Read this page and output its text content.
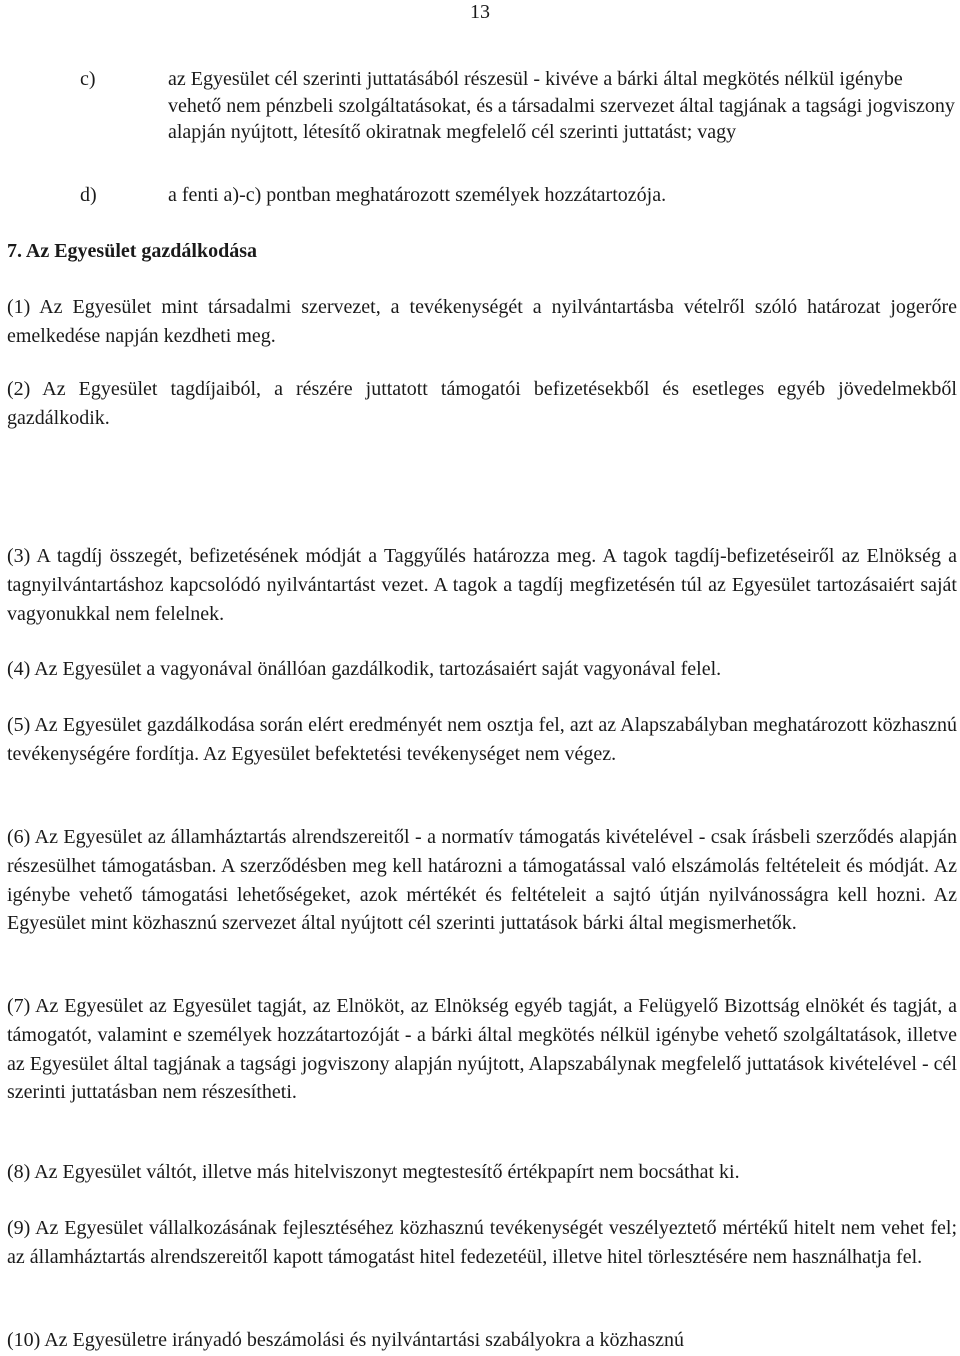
13
c)	az Egyesület cél szerinti juttatásából részesül - kivéve a bárki által megkötés nélkül igénybe vehető nem pénzbeli szolgáltatásokat, és a társadalmi szervezet által tagjának a tagsági jogviszony alapján nyújtott, létesítő okiratnak megfelelő cél szerinti juttatást; vagy
d)	a fenti a)-c) pontban meghatározott személyek hozzátartozója.
7. Az Egyesület gazdálkodása

(1) Az Egyesület mint társadalmi szervezet, a tevékenységét a nyilvántartásba vételről szóló határozat jogerőre emelkedése napján kezdheti meg.

(2) Az Egyesület tagdíjaiból, a részére juttatott támogatói befizetésekből és esetleges egyéb jövedelmekből gazdálkodik.

(3) A tagdíj összegét, befizetésének módját a Taggyűlés határozza meg. A tagok tagdíj-befizetéseiről az Elnökség a tagnyilvántartáshoz kapcsolódó nyilvántartást vezet. A tagok a tagdíj megfizetésén túl az Egyesület tartozásaiért saját vagyonukkal nem felelnek.

(4) Az Egyesület a vagyonával önállóan gazdálkodik, tartozásaiért saját vagyonával felel.

(5) Az Egyesület gazdálkodása során elért eredményét nem osztja fel, azt az Alapszabályban meghatározott közhasznú tevékenységére fordítja. Az Egyesület befektetési tevékenységet nem végez.

(6) Az Egyesület az államháztartás alrendszereitől - a normatív támogatás kivételével - csak írásbeli szerződés alapján részesülhet támogatásban. A szerződésben meg kell határozni a támogatással való elszámolás feltételeit és módját. Az igénybe vehető támogatási lehetőségeket, azok mértékét és feltételeit a sajtó útján nyilvánosságra kell hozni. Az Egyesület mint közhasznú szervezet által nyújtott cél szerinti juttatások bárki által megismerhetők.

(7) Az Egyesület az Egyesület tagját, az Elnököt, az Elnökség egyéb tagját, a Felügyelő Bizottság elnökét és tagját, a támogatót, valamint e személyek hozzátartozóját - a bárki által megkötés nélkül igénybe vehető szolgáltatások, illetve az Egyesület által tagjának a tagsági jogviszony alapján nyújtott, Alapszabálynak megfelelő juttatások kivételével - cél szerinti juttatásban nem részesítheti.

(8) Az Egyesület váltót, illetve más hitelviszonyt megtestesítő értékpapírt nem bocsáthat ki.

(9) Az Egyesület vállalkozásának fejlesztéséhez közhasznú tevékenységét veszélyeztető mértékű hitelt nem vehet fel; az államháztartás alrendszereitől kapott támogatást hitel fedezetéül, illetve hitel törlesztésére nem használhatja fel.

(10) Az Egyesületre irányadó beszámolási és nyilvántartási szabályokra a közhasznú
